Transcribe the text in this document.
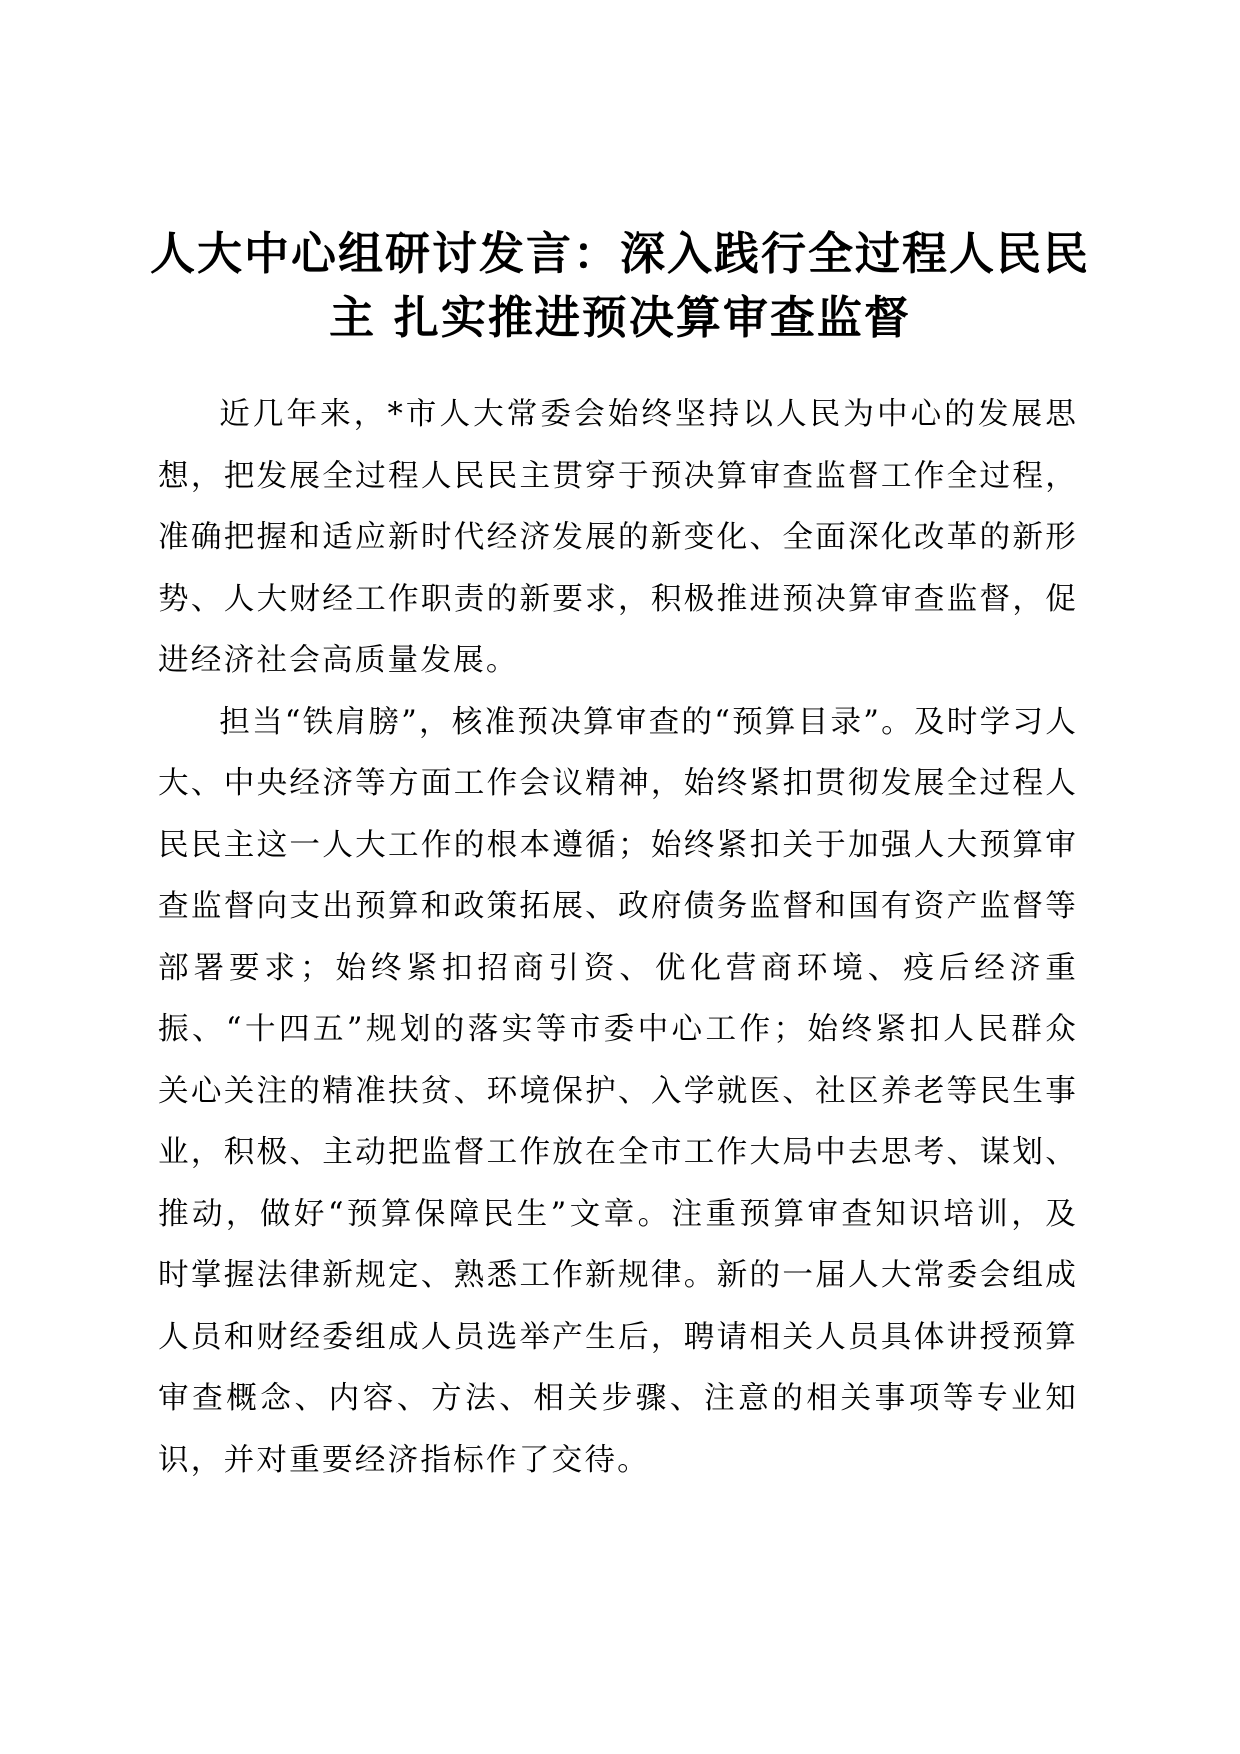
人大中心组研讨发言：深入践行全过程人民民
主 扎实推进预决算审查监督

近几年来，*市人大常委会始终坚持以人民为中心的发展思想，把发展全过程人民民主贯穿于预决算审查监督工作全过程，准确把握和适应新时代经济发展的新变化、全面深化改革的新形势、人大财经工作职责的新要求，积极推进预决算审查监督，促进经济社会高质量发展。

担当“铁肩膀”，核准预决算审查的“预算目录”。及时学习人大、中央经济等方面工作会议精神，始终紧扣贯彻发展全过程人民民主这一人大工作的根本遵循；始终紧扣关于加强人大预算审查监督向支出预算和政策拓展、政府债务监督和国有资产监督等部署要求；始终紧扣招商引资、优化营商环境、疫后经济重振、“十四五”规划的落实等市委中心工作；始终紧扣人民群众关心关注的精准扶贫、环境保护、入学就医、社区养老等民生事业，积极、主动把监督工作放在全市工作大局中去思考、谋划、推动，做好“预算保障民生”文章。注重预算审查知识培训，及时掌握法律新规定、熟悉工作新规律。新的一届人大常委会组成人员和财经委组成人员选举产生后，聘请相关人员具体讲授预算审查概念、内容、方法、相关步骤、注意的相关事项等专业知识，并对重要经济指标作了交待。
